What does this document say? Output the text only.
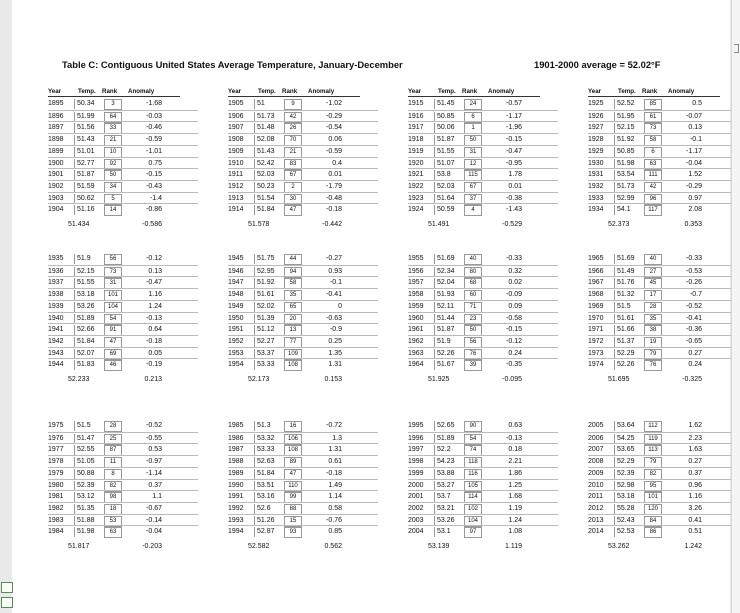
Table C: Contiguous United States Average Temperature, January-December	1901-2000 average = 52.02°F
Year	Temp. Rank Anomaly
1895	50.34	3	-1.68
1896	51.99	64	-0.03
1897	51.56	33	-0.46
1898	51.43	21	-0.59
1899	51.01	10	-1.01
1900	52.77	92	0.75
1901	51.87	50	-0.15
1902	51.59	34	-0.43
1903	50.62	5	-1.4
1904	51.16	14	-0.86
51.434	-0.586
Year	Temp. Rank Anomaly
1905	51	9	-1.02
1906	51.73	42	-0.29
1907	51.48	26	-0.54
1908	52.08	70	0.06
1909	51.43	21	-0.59
1910	52.42	83	0.4
1911	52.03	67	0.01
1912	50.23	2	-1.79
1913	51.54	30	-0.48
1914	51.84	47	-0.18
51.578	-0.442
Year	Temp. Rank Anomaly
1915	51.45	24	-0.57
1916	50.85	6	-1.17
1917	50.06	1	-1.96
1918	51.87	50	-0.15
1919	51.55	31	-0.47
1920	51.07	12	-0.95
1921	53.8	115	1.78
1922	52.03	67	0.01
1923	51.64	37	-0.38
1924	50.59	4	-1.43
51.491	-0.529
Year	Temp. Rank Anomaly
1925	52.52	85	0.5
1926	51.95	61	-0.07
1927	52.15	73	0.13
1928	51.92	58	-0.1
1929	50.85	6	-1.17
1930	51.98	63	-0.04
1931	53.54	111	1.52
1932	51.73	42	-0.29
1933	52.99	96	0.97
1934	54.1	117	2.08
52.373	0.353
1935	51.9	56	-0.12
1936	52.15	73	0.13
1937	51.55	31	-0.47
1938	53.18	101	1.16
1939	53.26	104	1.24
1940	51.89	54	-0.13
1941	52.66	91	0.64
1942	51.84	47	-0.18
1943	52.07	69	0.05
1944	51.83	46	-0.19
52.233	0.213
1945	51.75	44	-0.27
1946	52.95	94	0.93
1947	51.92	58	-0.1
1948	51.61	35	-0.41
1949	52.02	65	0
1950	51.39	20	-0.63
1951	51.12	13	-0.9
1952	52.27	77	0.25
1953	53.37	109	1.35
1954	53.33	108	1.31
52.173	0.153
1955	51.69	40	-0.33
1956	52.34	80	0.32
1957	52.04	68	0.02
1958	51.93	60	-0.09
1959	52.11	71	0.09
1960	51.44	23	-0.58
1961	51.87	50	-0.15
1962	51.9	56	-0.12
1963	52.26	76	0.24
1964	51.67	39	-0.35
51.925	-0.095
1965	51.69	40	-0.33
1966	51.49	27	-0.53
1967	51.76	45	-0.26
1968	51.32	17	-0.7
1969	51.5	28	-0.52
1970	51.61	35	-0.41
1971	51.66	38	-0.36
1972	51.37	19	-0.65
1973	52.29	79	0.27
1974	52.26	76	0.24
51.695	-0.325
1975	51.5	28	-0.52
1976	51.47	25	-0.55
1977	52.55	87	0.53
1978	51.05	11	-0.97
1979	50.88	8	-1.14
1980	52.39	82	0.37
1981	53.12	98	1.1
1982	51.35	18	-0.67
1983	51.88	53	-0.14
1984	51.98	63	-0.04
51.817	-0.203
1985	51.3	16	-0.72
1986	53.32	106	1.3
1987	53.33	108	1.31
1988	52.63	89	0.61
1989	51.84	47	-0.18
1990	53.51	110	1.49
1991	53.16	99	1.14
1992	52.6	88	0.58
1993	51.26	15	-0.76
1994	52.87	93	0.85
52.582	0.562
1995	52.65	90	0.63
1996	51.89	54	-0.13
1997	52.2	74	0.18
1998	54.23	118	2.21
1999	53.88	116	1.86
2000	53.27	105	1.25
2001	53.7	114	1.68
2002	53.21	102	1.19
2003	53.26	104	1.24
2004	53.1	97	1.08
53.139	1.119
2005	53.64	112	1.62
2006	54.25	119	2.23
2007	53.65	113	1.63
2008	52.29	79	0.27
2009	52.39	82	0.37
2010	52.98	95	0.96
2011	53.18	101	1.16
2012	55.28	120	3.26
2013	52.43	84	0.41
2014	52.53	86	0.51
53.262	1.242
